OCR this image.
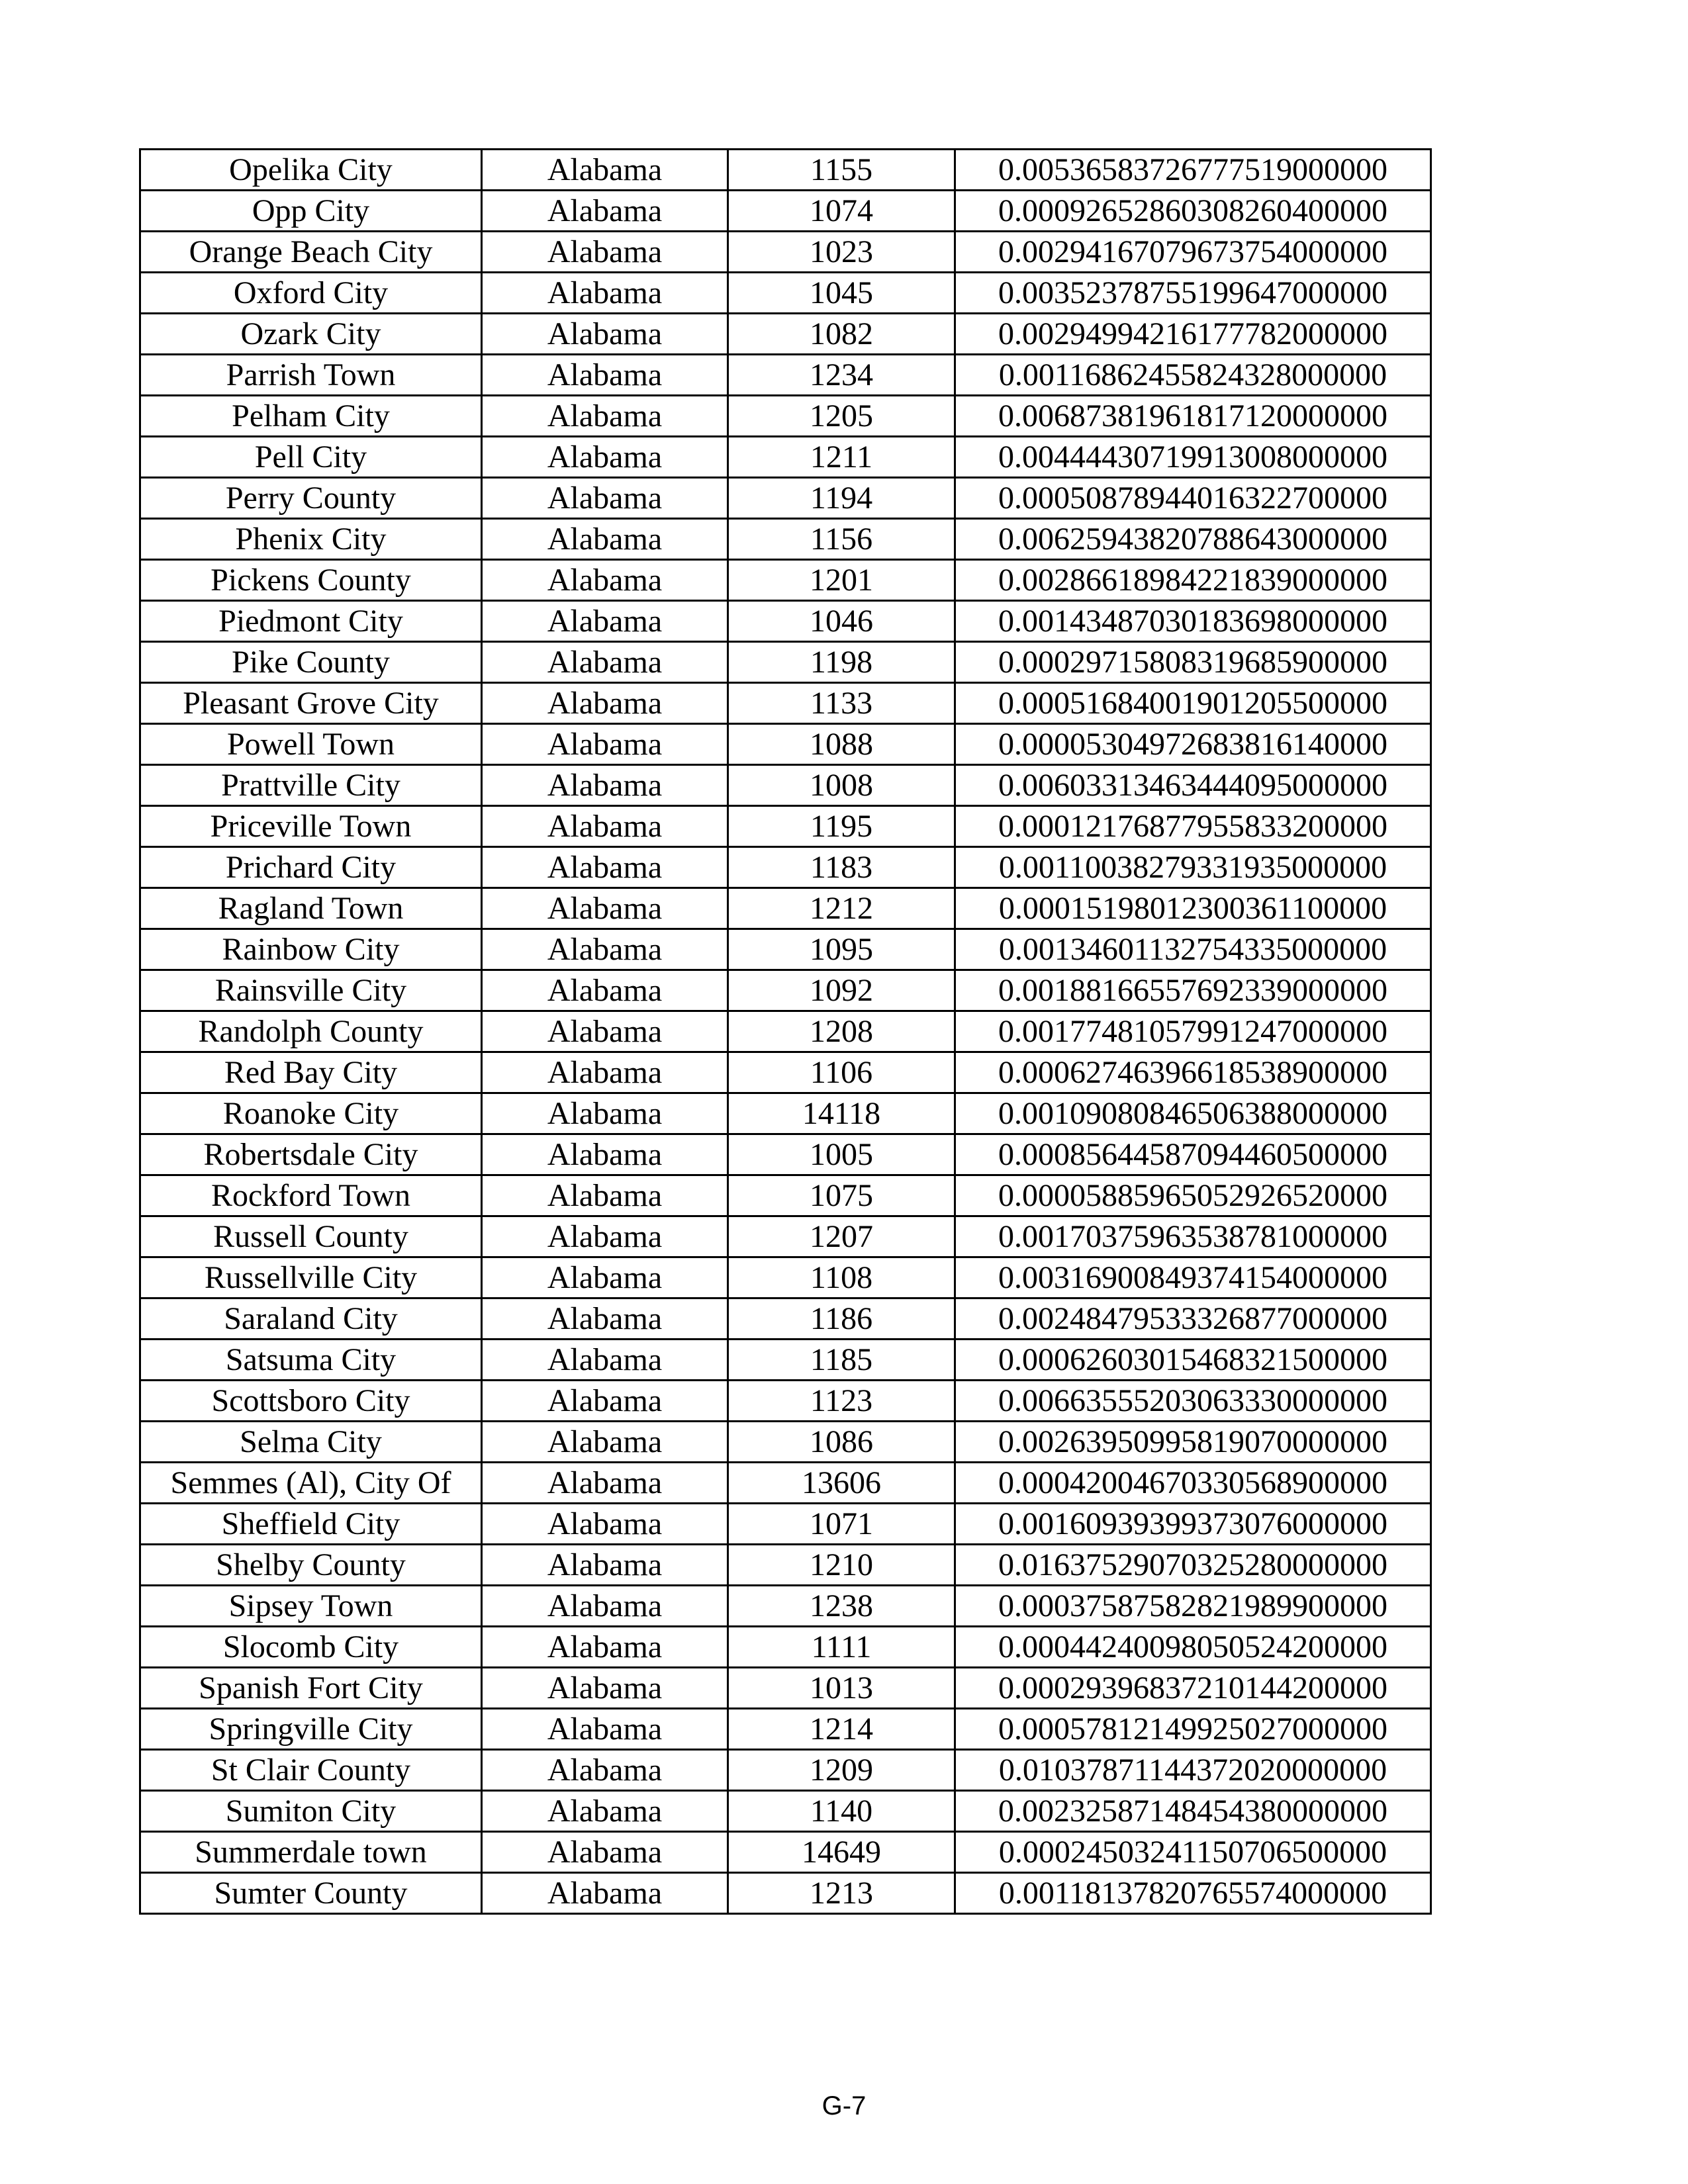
Opelika City	Alabama	1155	0.00536583726777519000000
Opp City	Alabama	1074	0.00092652860308260400000
Orange Beach City	Alabama	1023	0.00294167079673754000000
Oxford City	Alabama	1045	0.00352378755199647000000
Ozark City	Alabama	1082	0.00294994216177782000000
Parrish Town	Alabama	1234	0.00116862455824328000000
Pelham City	Alabama	1205	0.00687381961817120000000
Pell City	Alabama	1211	0.00444430719913008000000
Perry County	Alabama	1194	0.00050878944016322700000
Phenix City	Alabama	1156	0.00625943820788643000000
Pickens County	Alabama	1201	0.00286618984221839000000
Piedmont City	Alabama	1046	0.00143487030183698000000
Pike County	Alabama	1198	0.00029715808319685900000
Pleasant Grove City	Alabama	1133	0.00051684001901205500000
Powell Town	Alabama	1088	0.00005304972683816140000
Prattville City	Alabama	1008	0.00603313463444095000000
Priceville Town	Alabama	1195	0.00012176877955833200000
Prichard City	Alabama	1183	0.00110038279331935000000
Ragland Town	Alabama	1212	0.00015198012300361100000
Rainbow City	Alabama	1095	0.00134601132754335000000
Rainsville City	Alabama	1092	0.00188166557692339000000
Randolph County	Alabama	1208	0.00177481057991247000000
Red Bay City	Alabama	1106	0.00062746396618538900000
Roanoke City	Alabama	14118	0.00109080846506388000000
Robertsdale City	Alabama	1005	0.00085644587094460500000
Rockford Town	Alabama	1075	0.00005885965052926520000
Russell County	Alabama	1207	0.00170375963538781000000
Russellville City	Alabama	1108	0.00316900849374154000000
Saraland City	Alabama	1186	0.00248479533326877000000
Satsuma City	Alabama	1185	0.00062603015468321500000
Scottsboro City	Alabama	1123	0.00663555203063330000000
Selma City	Alabama	1086	0.00263950995819070000000
Semmes (Al), City Of	Alabama	13606	0.00042004670330568900000
Sheffield City	Alabama	1071	0.00160939399373076000000
Shelby County	Alabama	1210	0.01637529070325280000000
Sipsey Town	Alabama	1238	0.00037587582821989900000
Slocomb City	Alabama	1111	0.00044240098050524200000
Spanish Fort City	Alabama	1013	0.00029396837210144200000
Springville City	Alabama	1214	0.00057812149925027000000
St Clair County	Alabama	1209	0.01037871144372020000000
Sumiton City	Alabama	1140	0.00232587148454380000000
Summerdale town	Alabama	14649	0.00024503241150706500000
Sumter County	Alabama	1213	0.00118137820765574000000
G-7
